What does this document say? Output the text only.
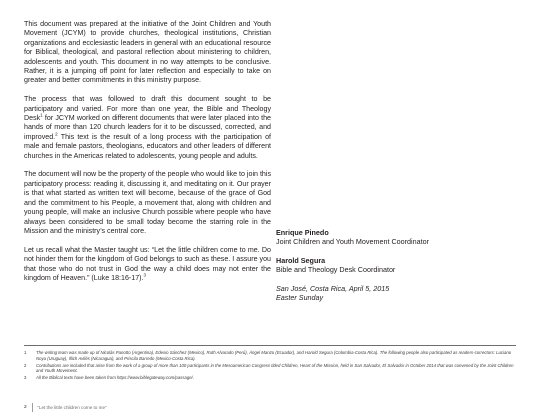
This document was prepared at the initiative of the Joint Children and Youth Movement (JCYM) to provide churches, theological institutions, Christian organizations and ecclesiastic leaders in general with an educational resource for Biblical, theological, and pastoral reflection about ministering to children, adolescents and youth. This document in no way attempts to be conclusive. Rather, it is a jumping off point for later reflection and especially to take on greater and better commitments in this ministry purpose.

The process that was followed to draft this document sought to be participatory and varied. For more than one year, the Bible and Theology Desk$^1$ for JCYM worked on different documents that were later placed into the hands of more than 120 church leaders for it to be discussed, corrected, and improved.$^2$ This text is the result of a long process with the participation of male and female pastors, theologians, educators and other leaders of different churches in the Americas related to adolescents, young people and adults.

The document will now be the property of the people who would like to join this participatory process: reading it, discussing it, and meditating on it. Our prayer is that what started as written text will become, because of the grace of God and the commitment to his People, a movement that, along with children and young people, will make an inclusive Church possible where people who have always been considered to be small today become the starring role in the Mission and the ministry’s central core.

Let us recall what the Master taught us: “Let the little children come to me. Do not hinder them for the kingdom of God belongs to such as these. I assure you that those who do not trust in God the way a child does may not enter the kingdom of Heaven.” (Luke 18:16-17).$^3$

Enrique Pinedo
Joint Children and Youth Movement Coordinator
Harold Segura
Bible and Theology Desk Coordinator
San José, Costa Rica, April 5, 2015
Easter Sunday
1	The writing team was made up of Nicolás Panotto (Argentina), Edesio Sánchez (Mexico), Ruth Alvarado (Perú), Ángel Manzo (Ecuador), and Harold Segura (Colombia-Costa Rica). The following people also participated as readers-correctors: Luciano Noya (Uruguay), Illich Avilés (Nicaragua), and Priscila Barredo (Mexico-Costa Rica).
2	Contributions are included that arise from the work of a group of more than 100 participants in the Mesoamerican Congress titled Children, Heart of the Mission, held in San Salvador, El Salvador in October 2014 that was convened by the Joint Children and Youth Movement.
3	All the Biblical texts have been taken from https://www.biblegateway.com/passage/.
2 “Let the little children come to me”
